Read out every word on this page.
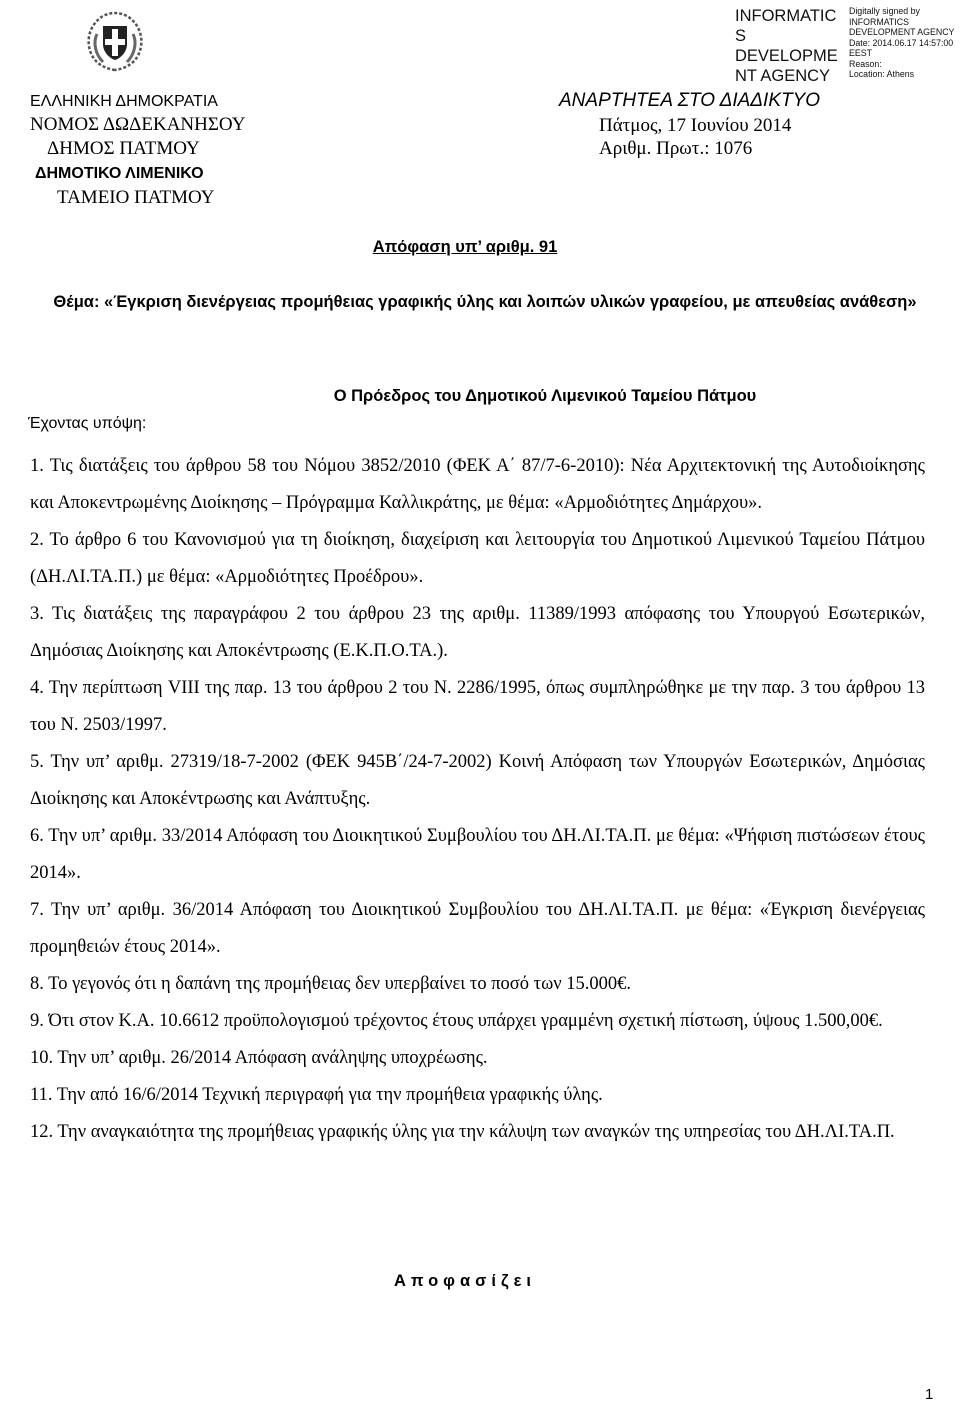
INFORMATIC
S
DEVELOPME
NT AGENCY
Digitally signed by
INFORMATICS
DEVELOPMENT AGENCY
Date: 2014.06.17 14:57:00
EEST
Reason:
Location: Athens
ΕΛΛΗΝΙΚΗ ΔΗΜΟΚΡΑΤΙΑ
ΝΟΜΟΣ ΔΩΔΕΚΑΝΗΣΟΥ
ΔΗΜΟΣ ΠΑΤΜΟΥ
ΔΗΜΟΤΙΚΟ ΛΙΜΕΝΙΚΟ
ΤΑΜΕΙΟ ΠΑΤΜΟΥ
ΑΝΑΡΤΗΤΕΑ ΣΤΟ ΔΙΑΔΙΚΤΥΟ
Πάτμος, 17 Ιουνίου 2014
Αριθμ. Πρωτ.: 1076
Απόφαση υπ’ αριθμ. 91
Θέμα: «Έγκριση διενέργειας προμήθειας γραφικής ύλης και λοιπών υλικών γραφείου, με απευθείας ανάθεση»
Ο Πρόεδρος του Δημοτικού Λιμενικού Ταμείου Πάτμου
Έχοντας υπόψη:

1. Τις διατάξεις του άρθρου 58 του Νόμου 3852/2010 (ΦΕΚ Α΄ 87/7-6-2010): Νέα Αρχιτεκτονική της Αυτοδιοίκησης και Αποκεντρωμένης Διοίκησης – Πρόγραμμα Καλλικράτης, με θέμα: «Αρμοδιότητες Δημάρχου».

2. Το άρθρο 6 του Κανονισμού για τη διοίκηση, διαχείριση και λειτουργία του Δημοτικού Λιμενικού Ταμείου Πάτμου (ΔΗ.ΛΙ.ΤΑ.Π.) με θέμα: «Αρμοδιότητες Προέδρου».

3. Τις διατάξεις της παραγράφου 2 του άρθρου 23 της αριθμ. 11389/1993 απόφασης του Υπουργού Εσωτερικών, Δημόσιας Διοίκησης και Αποκέντρωσης (Ε.Κ.Π.Ο.ΤΑ.).

4. Την περίπτωση VIII της παρ. 13 του άρθρου 2 του Ν. 2286/1995, όπως συμπληρώθηκε με την παρ. 3 του άρθρου 13 του Ν. 2503/1997.

5. Την υπ’ αριθμ. 27319/18-7-2002 (ΦΕΚ 945Β΄/24-7-2002) Κοινή Απόφαση των Υπουργών Εσωτερικών, Δημόσιας Διοίκησης και Αποκέντρωσης και Ανάπτυξης.

6. Την υπ’ αριθμ. 33/2014 Απόφαση του Διοικητικού Συμβουλίου του ΔΗ.ΛΙ.ΤΑ.Π. με θέμα: «Ψήφιση πιστώσεων έτους 2014».

7. Την υπ’ αριθμ. 36/2014 Απόφαση του Διοικητικού Συμβουλίου του ΔΗ.ΛΙ.ΤΑ.Π. με θέμα: «Έγκριση διενέργειας προμηθειών έτους 2014».

8. Το γεγονός ότι η δαπάνη της προμήθειας δεν υπερβαίνει το ποσό των 15.000€.

9. Ότι στον Κ.Α. 10.6612 προϋπολογισμού τρέχοντος έτους υπάρχει γραμμένη σχετική πίστωση, ύψους 1.500,00€.

10. Την υπ’ αριθμ. 26/2014 Απόφαση ανάληψης υποχρέωσης.

11. Την από 16/6/2014 Τεχνική περιγραφή για την προμήθεια γραφικής ύλης.

12. Την αναγκαιότητα της προμήθειας γραφικής ύλης για την κάλυψη των αναγκών της υπηρεσίας του ΔΗ.ΛΙ.ΤΑ.Π.

Αποφασίζει
1
